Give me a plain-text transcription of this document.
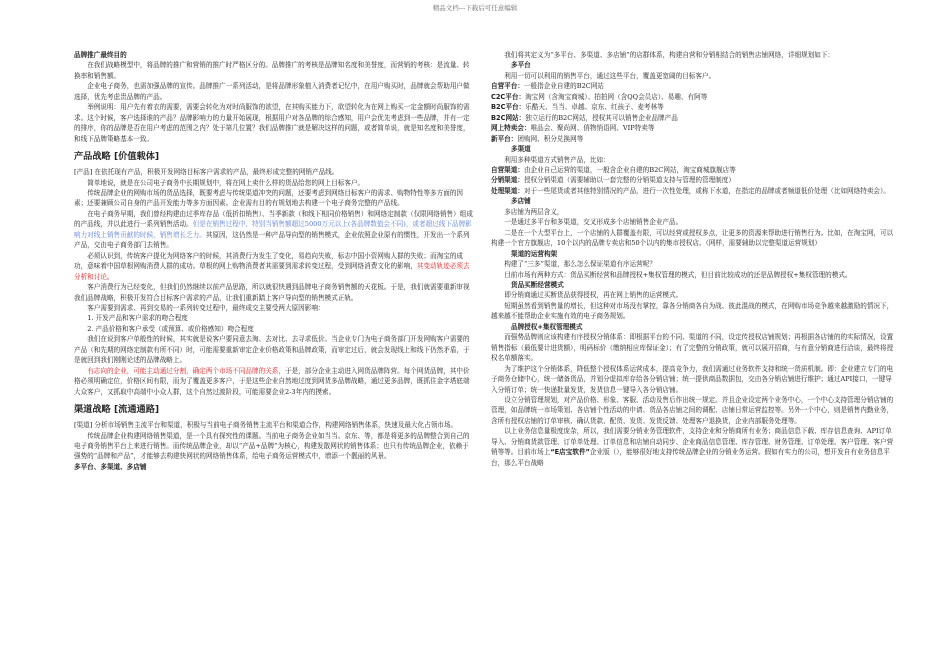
精品文档---下载后可任意编辑

品牌推广最终目的

在我们战略模型中，将品牌的推广和营销的推广时严格区分的。品牌推广的考核是品牌知名度和美誉度，而营销的考核：是流量、转换率和销售额。

企业电子商务，也需加强品牌的宣传。品牌推广一系列活动，是将品牌形象植入消费者记忆中，在用户购买时，品牌就会帮助用户做选择，优先考虑贵品牌的产品。

举例说明：用户先有着衣的需要，需要会转化为对时尚服饰的欲望，在其购买能力下，欲望转化为在网上购买一定金额时尚服饰的需求。这个时候，客户选择谁的产品？品牌影响力的力量开始展现，根据用户对各品牌的综合感知，用户会优先考虑到一些品牌，并有一定的排序，你的品牌是否在用户考虑的范围之内？处于第几位置？我们品牌推广就是解决这样的问题，或者简单说，就是知名度和美誉度，和线下品牌策略基本一致。

产品战略 [价值载体]

[产品] 在依托现有产品，积极开发网络目标客户需求的产品，最终形成完整的网销产品线。

简单地说，就是在公司电子商务中长期规划中，将在网上卖什么样的货品给您的网上目标客户。

传统品牌企业的网购市场的货品选择，既要考虑与传统渠道冲突的问题，还要考虑到网络目标客户的需求、购物特性等多方面的因素；还要兼顾公司自身的产品开发能力等多方面因素。企业需有目的有规划地去构建一个电子商务完整的产品线。

在电子商务早期，我们曾经构建由过季库存品（低折扣销售）、当季新款（和线下相同价格销售）和网络定制款（仅限网络销售）组成的产品线，并以此进行一系列销售活动。但是在销售过程中，特别当销售额超过5000万元以上(各品牌数值会不同)，或者超过线下品牌影响力对线上销售贡献的时候，销售增长乏力。其原因，这仍然是一种产品导向型的销售模式，企业依照企业原有的惯性，开发出一个系列产品，交由电子商务部门去销售。

必须认识到，传统客户提化为网络客户的时候，其消费行为发生了变化，易趋向失败，标志中国小资网购人群的失败；而淘宝的成功，意味着中国草根网购消费人群的成功。草根的网上购物消费者其需要到需求转变过程，受到网络消费文化的影响，其变动轨迹必须去分析和讨论。

客户消费行为已经变化，但我们仍然继续以前产品思路，所以就很快遇到品牌电子商务销售额的天花板。于是，我们就需要重新审视我们品牌战略，积极开发符合目标客户需求的产品，让我们重新踏上客户导向型的销售模式正轨。

客户需要到需求、再到交易的一系列转变过程中，最终成交主要受两大原因影响：

1. 开发产品和客户需求的吻合程度

2. 产品价格和客户承受（或预算、或价格感知）吻合程度

我们在说到客户单般性的时候，其实就是说客户要同意去淘、去对比、去寻求低价。当企业专门为电子商务部门开发网购客户需要的产品（和先期的网络定制款有所不同）时，可能需要重新审定企业价格政策和品牌政策，而审定过后，就会发现线上和线下仍然矛盾，于是就回到我们刚刚论述的品牌战略上。

有志向的企业，可能主动通过分割，确定两个市场不同品牌的关系，于是，部分企业主动进入网货品牌阵营。每个网货品牌，其中价格必须明确定位，价格区间有限，而为了覆盖更多客户，于是这些企业自然地过度到网货多品牌战略，通过更多品牌，既抓住金字塔底端大众客户，又抓取中高端中小众人群，这个自然过渡阶段，可能需要企业2-3年内的摸索。

渠道战略 [流通通路]

[渠道] 分析市场销售主流平台和渠道，积极与当前电子商务销售主流平台和渠道合作，构建网络销售体系，快速及最大化占领市场。

传统品牌企业构建网络销售渠道，是一个具有探究性的课题。当前电子商务企业如当当、京东、等，都是将更多的品牌整合到自己的电子商务销售平台上来进行销售。而传统品牌企业，却以“产品+品牌”为核心，构建发散网状的销售体系；也只有传统品牌企业，依赖于强势的“品牌和产品”，才能够去构建快网状的网络销售体系，给电子商务运营模式中，增添一个靓丽的风景。

多平台、多渠道、多店铺

我们将其定义为“多平台、多渠道、多店铺”的店群体系，构建自营和分销相结合的销售店铺网络，详细规划如下：

多平台

利用一切可以利用的销售平台，通过这些平台，覆盖更宽阔的目标客户。

自营平台：一般指企业自建的B2C网站

C2C平台：淘宝网（含淘宝商城）、拍拍网（含QQ会员店）、易趣、有阿等

B2C平台：乐酷天、当当、卓越、京东、红孩子、麦考林等

B2C网站：独立运行的B2C网站，授权其可以销售企业品牌产品

网上特卖会：唯品会、聚尚网、俏物悄语网、VIP特卖等

新平台：团购网、积分兑换网等

多渠道

利用多种渠道方式销售产品，比如：

自营渠道：由企业自己运营的渠道，一般含企业自建的B2C网站，淘宝商城旗舰店等

分销渠道：授权分销渠道（需要辅助以一套完整的分销渠道支持与管理的管理制度）

处理渠道：对于一些尾货或者其他特别情况的产品，进行一次性处理，或称下水道，在指定的品牌或者频道低价处理（比如网络特卖会）。

多店铺

多店铺为两层含义，

一是通过多平台和多渠道，交叉形成多个店铺销售企业产品。

二是在一个大型平台上，一个店铺的人群覆盖有限，可以经营或授权多点，让更多的资源来帮助进行销售行为。比如，在淘宝网，可以构建一个官方旗舰店，10个以内的品牌专卖店和50个以内的集市授权店。（网样，需要辅助以完整渠道运营规划）

渠道的运营构架

构建了“三多”渠道，那么怎么保证渠道有序运营呢？

目前市场有两种方式：货品买断经营和品牌授权+集权管理的模式，但目前比较成功的还是品牌授权+集权管理的模式。

货品买断经营模式

即分销商通过买断货品获得授权，再在网上销售的运营模式。

短期虽然看到销售量的增长，但这种对市场没有掌控，靠各分销商各自为战、彼此混战的模式，在网购市场竞争越来越激励的情况下，越来越不能帮助企业实施有效的电子商务规划。

品牌授权+集权管理模式

而强势品牌则应该构建有序授权分销体系：即根据平台的不同、渠道的不同，设定传授权店铺规划；再根据各店铺的的实际情况，设置销售指标（最低要计进货额），明码标价（缴纳相应库保证金）；有了完整的分销政策，就可以展开招商，与有意分销商进行洽谈，最终将授权名单额落实。

为了维护这个分销体系，降低整个授权体系运营成本，提高竞争力，我们需通过业务软件支持和统一货质机制。即：企业建立专门的电子商务仓储中心，统一储备货品，并划分虚拟库存给各分销店铺；统一提供商品数据包，交由各分销店铺进行维护；通过API接口，一键导入分销订单；统一快递批量发货，发货信息一键导入各分销店铺。

设立分销管理规划，对产品价格、形象、客服、活动及售后作出统一规定。并且企业设定两个业务中心，一个中心支持管理分销店铺的管理，如品牌统一市场策划、各店铺个性活动的申请、货品各店铺之间的调配、店铺日常运营监控等。另外一个中心，则是销售内勤业务，含所有授权店铺的订单审核、确认货款、配货、发货、发货反馈、处理客户退换货，企业内部服务处理等。

以上业务信息量极度庞杂，所以，我们需要分销业务管理软件，支持企业和分销商所有业务；商品信息下载、库存信息查询、API订单导入、分销商货款管理、订单单处理、订单信息和店铺自动同步、企业商品信息管理、库存管理、财务管理、订单处理、客户管理、客户营销等等。目前市场上“E店宝软件”企业版（），能够很好地支持传统品牌企业的分销业务运营。假如有实力的公司，想开发自有业务信息平台，那么平台战略
